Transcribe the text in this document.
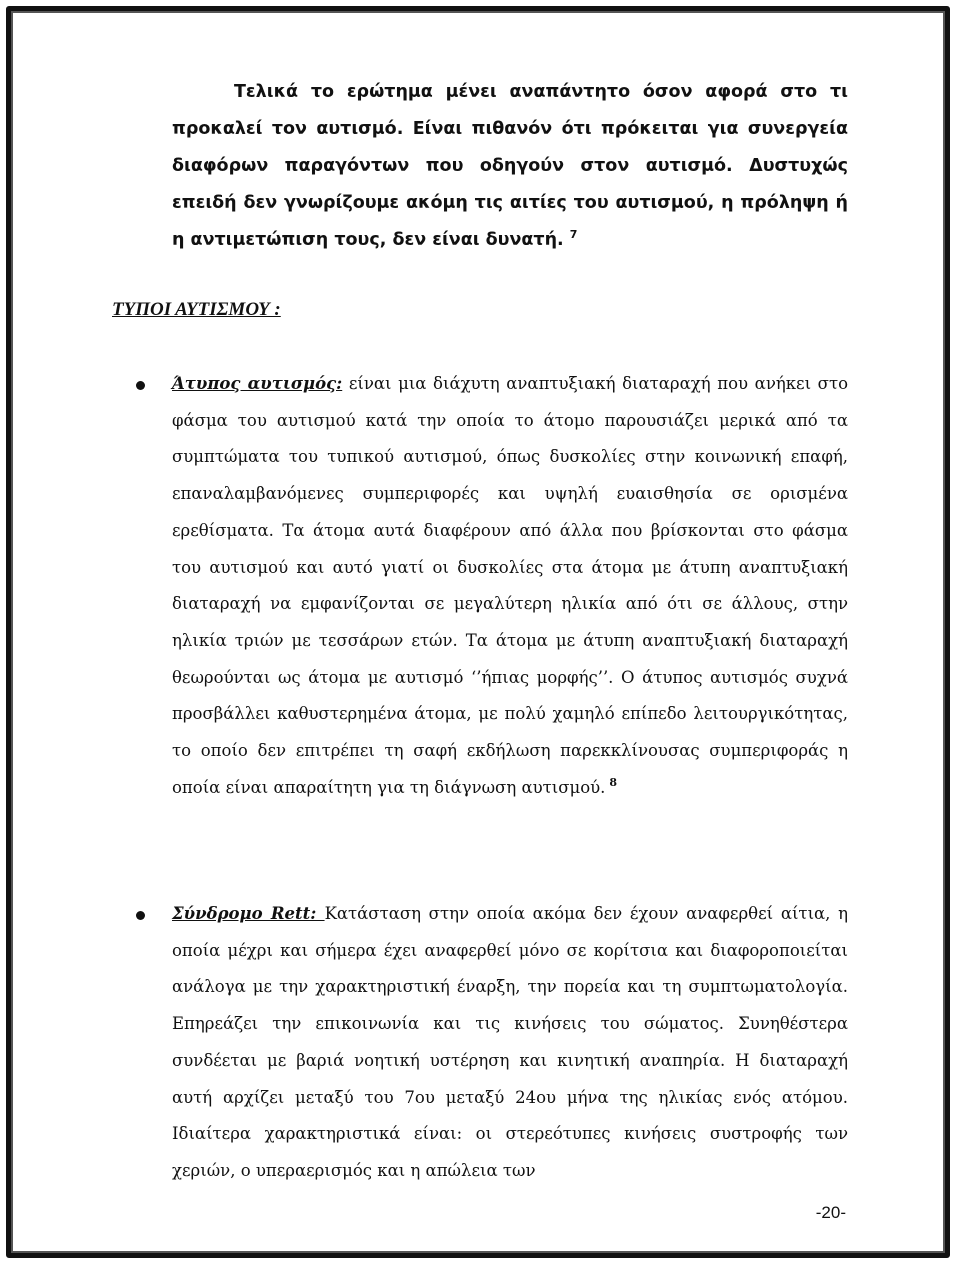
Τελικά το ερώτημα μένει αναπάντητο όσον αφορά στο τι προκαλεί τον αυτισμό. Είναι πιθανόν ότι πρόκειται για συνεργεία διαφόρων παραγόντων που οδηγούν στον αυτισμό. Δυστυχώς επειδή δεν γνωρίζουμε ακόμη τις αιτίες του αυτισμού, η πρόληψη ή η αντιμετώπιση τους, δεν είναι δυνατή. $^7$

ΤΥΠΟΙ ΑΥΤΙΣΜΟΥ :

Άτυπος αυτισμός: είναι μια διάχυτη αναπτυξιακή διαταραχή που ανήκει στο φάσμα του αυτισμού κατά την οποία το άτομο παρουσιάζει μερικά από τα συμπτώματα του τυπικού αυτισμού, όπως δυσκολίες στην κοινωνική επαφή, επαναλαμβανόμενες συμπεριφορές και υψηλή ευαισθησία σε ορισμένα ερεθίσματα. Τα άτομα αυτά διαφέρουν από άλλα που βρίσκονται στο φάσμα του αυτισμού και αυτό γιατί οι δυσκολίες στα άτομα με άτυπη αναπτυξιακή διαταραχή να εμφανίζονται σε μεγαλύτερη ηλικία από ότι σε άλλους, στην ηλικία τριών με τεσσάρων ετών. Τα άτομα με άτυπη αναπτυξιακή διαταραχή θεωρούνται ως άτομα με αυτισμό ‘’ήπιας μορφής’’. Ο άτυπος αυτισμός συχνά προσβάλλει καθυστερημένα άτομα, με πολύ χαμηλό επίπεδο λειτουργικότητας, το οποίο δεν επιτρέπει τη σαφή εκδήλωση παρεκκλίνουσας συμπεριφοράς η οποία είναι απαραίτητη για τη διάγνωση αυτισμού. $^8$

Σύνδρομο Rett: Κατάσταση στην οποία ακόμα δεν έχουν αναφερθεί αίτια, η οποία μέχρι και σήμερα έχει αναφερθεί μόνο σε κορίτσια και διαφοροποιείται ανάλογα με την χαρακτηριστική έναρξη, την πορεία και τη συμπτωματολογία. Επηρεάζει την επικοινωνία και τις κινήσεις του σώματος. Συνηθέστερα συνδέεται με βαριά νοητική υστέρηση και κινητική αναπηρία. Η διαταραχή αυτή αρχίζει μεταξύ του 7ου μεταξύ 24ου μήνα της ηλικίας ενός ατόμου. Ιδιαίτερα χαρακτηριστικά είναι: οι στερεότυπες κινήσεις συστροφής των χεριών, ο υπεραερισμός και η απώλεια των

-20-
